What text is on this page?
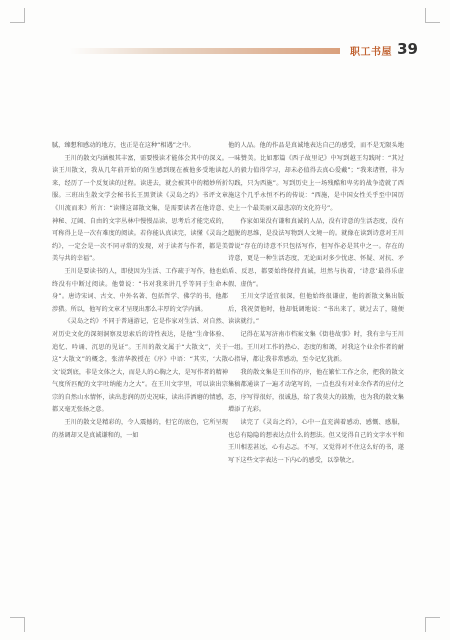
职工书屋 39

腻，臻想和感动的地方，也正是在这种“相遇”之中。

王川的散文内涵极其丰富，需要慢读才能体会其中的深义。读王川散文，我从几年前开始的陌生感到现在被他多受地读起来，经历了一个反复读的过程。读进去，就会被其中的精妙所折服。三班出生散文学会秘书长王黑贤读《灵岛之约》书评文章《川流而来》所言：“读懂这部散文集，是需要读者在他诗意、神秘、辽阔、自由的文字丛林中慢慢品读、思考后才能完成的，可称得上是一次有难度的阅读。若你能认真读完，读懂《灵岛之约》，一定会是一次不同寻常的发现，对于读者与作者，都是美美与共的幸福”。

王川是要读书的人，即使因为生活、工作疏于写作，他也始终没有中断过阅读。他曾说：“书对我来讲几乎等同于生命本身”。唐诗宋词、古文、中外名著、包括哲学、佛学的书，他都涉猎。所以，他写的文章才呈现出那么丰厚的文学内涵。

《灵岛之约》不同于普通游记，它是作家对生活、对自然、对历史文化的深刻洞察及思索后的诗性表达，是他“生命体验、追忆、吟诵、沉思的见证”。王川的散文属于“大散文”，关于这“大散文”的概念，张清华教授在《序》中语：“其实，‘大散文’说到底，非是文体之大，而是人的心胸之大，是写作者的精神气度所匹配的文字吐纳能力之大”。在王川文字里，可以读出宗宗的自然山水情怀，读出悲润的历史况味，读出洋洒磨的情感，都又毫无张扬之意。

王川的散文是精彩的，令人震撼的，但它的底色，它所呈现的基调却又是真诚谦和的，一如

他的人品。他的作品是真诚地表达自己的感受，而不是无限头地一味赞美。比如那篇《西子故里记》中写到越王勾践时：“其过人的毅力值得学习，却未必值得去真心爱戴”；“我来诸暨，非为勾践，只为西施”。写到历史上一场残酷和卑劣的战争造就了西施这个几乎永恒不朽的传说：“西施，是中国女性关乎至中国历史上一个最美丽又最悲凉的文化符号”。

作家如果没有谦和真诚的人品，没有诗意的生活态度，没有超脱的思维，是没法写物到人文境一的。就像在读到诗意对王川曾说“存在的诗意不只包括写作，但写作必是其中之一。存在的诗意，更是一种生活态度，无论面对多少忧虑、怀疑、对抗、矛盾、反思，都要始终保持真诚，坦然与执着，‘诗意’最得乐虚假、虚伪”。

王川文学适宜很深，但他始终很谦虚，他的新散文集出版后，我祝贺他时，他却低调地说：“书出来了，就过去了，随便读读就行。”

记得在某写济南市档案文集《街巷故事》时，我有幸与王川一组。王川对工作的热心、态度的和蔼，对我这个业余作者的耐心指导，都让我非常感动，至今记忆犹新。

我的散文集是王川作的序，他在繁忙工作之余，把我的散文集稿都通读了一遍才动笔写的，一点也没有对业余作者的应付之态，序写得很好，很诚恳，给了我莫大的鼓励，也为我的散文集增添了光彩。

读完了《灵岛之约》，心中一直充满着感动、感慨、感服，也总有隐隐的想表达点什么的想法。但又觉得自己的文字水平和王川相差甚远，心有忐忑。不写，又觉得对不住这么好的书，遂写下这些文字表达一下内心的感受，以拳敬之。
